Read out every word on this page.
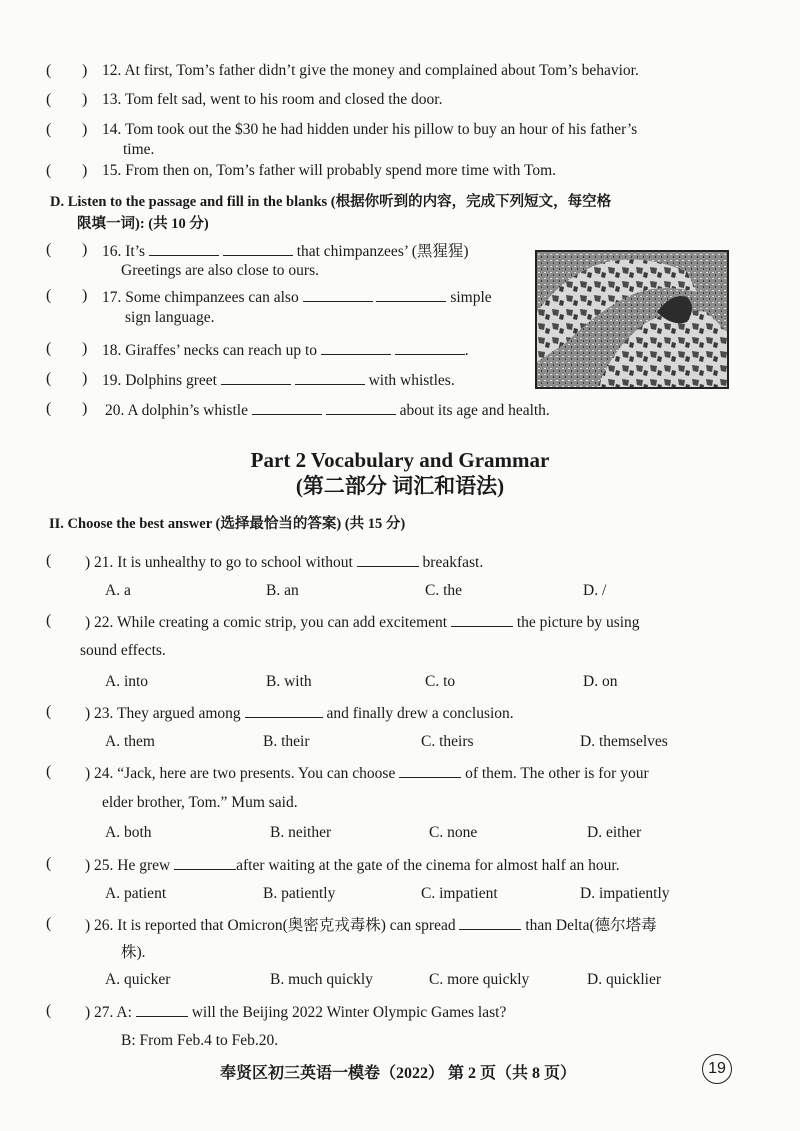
( ) 12. At first, Tom’s father didn’t give the money and complained about Tom’s behavior.
( ) 13. Tom felt sad, went to his room and closed the door.
( ) 14. Tom took out the $30 he had hidden under his pillow to buy an hour of his father’s
time.
( ) 15. From then on, Tom’s father will probably spend more time with Tom.
D. Listen to the passage and fill in the blanks (根据你听到的内容，完成下列短文，每空格
限填一词): (共 10 分)
( ) 16. It’s	that chimpanzees’ (黑猩猩)
Greetings are also close to ours.
( ) 17. Some chimpanzees can also	simple
sign language.
( ) 18. Giraffes’ necks can reach up to	.
( ) 19. Dolphins greet	with whistles.
( ) 20. A dolphin’s whistle	about its age and health.
Part 2 Vocabulary and Grammar
(第二部分 词汇和语法)
II. Choose the best answer (选择最恰当的答案) (共 15 分)
( ) 21. It is unhealthy to go to school without	breakfast.
A. a	B. an	C. the	D. /
( ) 22. While creating a comic strip, you can add excitement	the picture by using
sound effects.
A. into	B. with	C. to	D. on
( ) 23. They argued among	and finally drew a conclusion.
A. them	B. their	C. theirs	D. themselves
( ) 24. “Jack, here are two presents. You can choose	of them. The other is for your
elder brother, Tom.” Mum said.
A. both	B. neither	C. none	D. either
( ) 25. He grew	after waiting at the gate of the cinema for almost half an hour.
A. patient	B. patiently	C. impatient	D. impatiently
( ) 26. It is reported that Omicron(奥密克戎毒株) can spread	than Delta(德尔塔毒
株).
A. quicker	B. much quickly	C. more quickly	D. quicklier
( ) 27. A:	will the Beijing 2022 Winter Olympic Games last?
B: From Feb.4 to Feb.20.
奉贤区初三英语一模卷（2022） 第 2 页（共 8 页）	19
